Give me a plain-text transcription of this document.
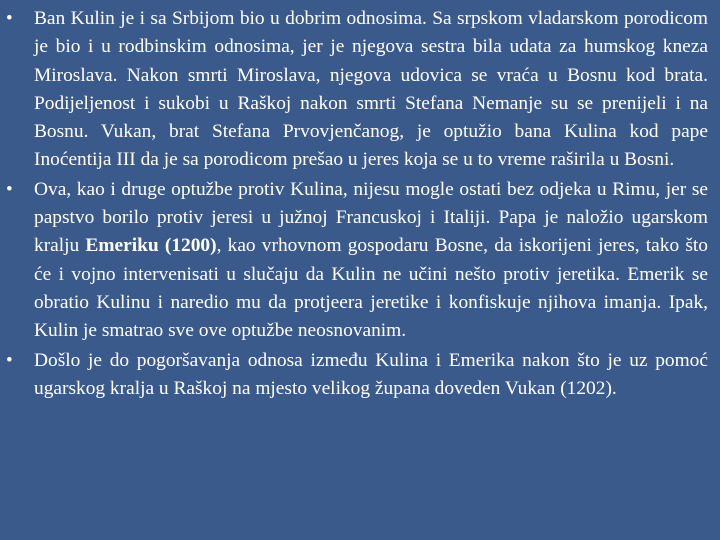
• Ban Kulin je i sa Srbijom bio u dobrim odnosima. Sa srpskom vladarskom porodicom je bio i u rodbinskim odnosima, jer je njegova sestra bila udata za humskog kneza Miroslava. Nakon smrti Miroslava, njegova udovica se vraća u Bosnu kod brata. Podijeljenost i sukobi u Raškoj nakon smrti Stefana Nemanje su se prenijeli i na Bosnu. Vukan, brat Stefana Prvovjenčanog, je optužio bana Kulina kod pape Inoćentija III da je sa porodicom prešao u jeres koja se u to vreme raširila u Bosni.
• Ova, kao i druge optužbe protiv Kulina, nijesu mogle ostati bez odjeka u Rimu, jer se papstvo borilo protiv jeresi u južnoj Francuskoj i Italiji. Papa je naložio ugarskom kralju Emeriku (1200), kao vrhovnom gospodaru Bosne, da iskorijeni jeres, tako što će i vojno intervenisati u slučaju da Kulin ne učini nešto protiv jeretika. Emerik se obratio Kulinu i naredio mu da protjeera jeretike i konfiskuje njihova imanja. Ipak, Kulin je smatrao sve ove optužbe neosnovanim.
• Došlo je do pogoršavanja odnosa između Kulina i Emerika nakon što je uz pomoć ugarskog kralja u Raškoj na mjesto velikog župana doveden Vukan (1202).
